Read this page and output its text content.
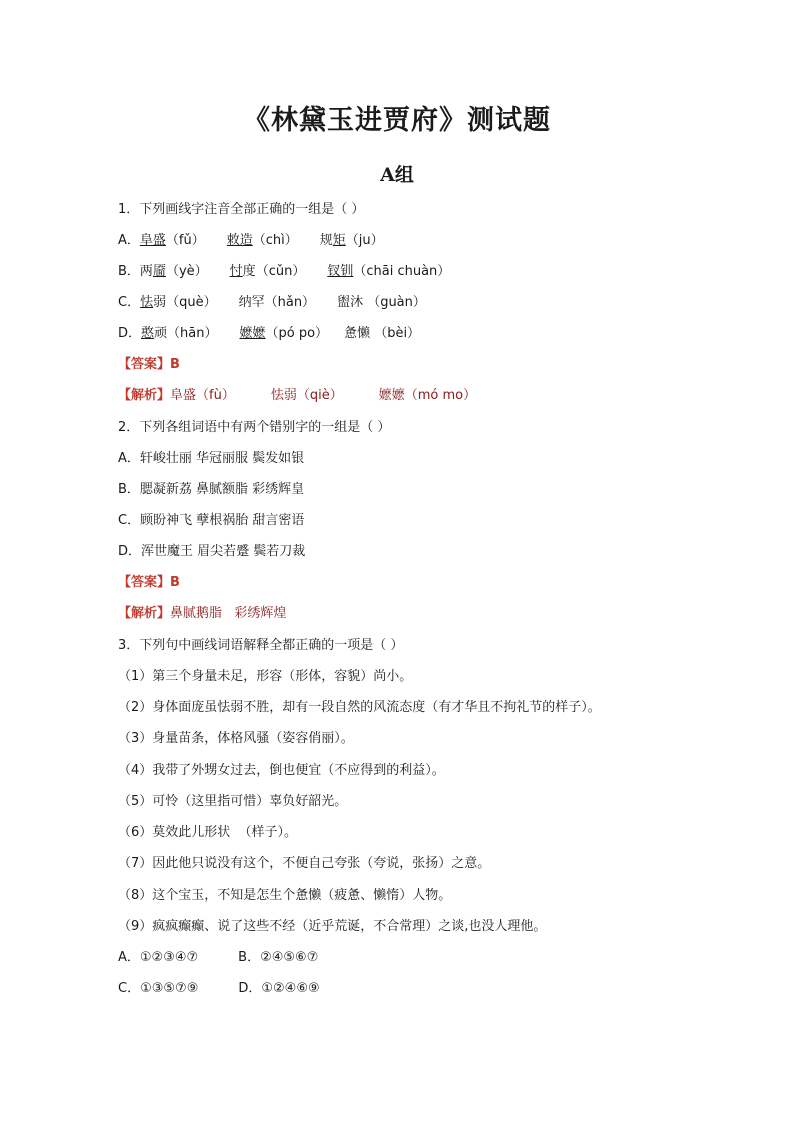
《林黛玉进贾府》测试题
A组
1．下列画线字注音全部正确的一组是（ ）
A．阜盛（fǔ） 敕造（chì） 规矩（ju）
B．两靥（yè） 忖度（cǔn） 钗钏（chāi chuàn）
C．怯弱（què） 纳罕（hǎn） 盥沐 （guàn）
D．憨顽（hān） 嬷嬷（pó po） 惫懒 （bèi）
【答案】B
【解析】阜盛（fù）	怯弱（qiè）	嬷嬷（mó mo）
2．下列各组词语中有两个错别字的一组是（ ）
A．轩峻壮丽 华冠丽服 鬓发如银
B．腮凝新荔 鼻腻额脂 彩绣辉皇
C．顾盼神飞 孽根祸胎 甜言密语
D．浑世魔王 眉尖若蹙 鬓若刀裁
【答案】B
【解析】鼻腻鹅脂   彩绣辉煌
3．下列句中画线词语解释全都正确的一项是（ ）
（1）第三个身量未足，形容（形体，容貌）尚小。
（2）身体面庞虽怯弱不胜，却有一段自然的风流态度（有才华且不拘礼节的样子）。
（3）身量苗条，体格风骚（姿容俏丽）。
（4）我带了外甥女过去，倒也便宜（不应得到的利益）。
（5）可怜（这里指可惜）辜负好韶光。
（6）莫效此儿形状  （样子）。
（7）因此他只说没有这个，不便自己夸张（夸说，张扬）之意。
（8）这个宝玉，不知是怎生个惫懒（疲惫、懒惰）人物。
（9）疯疯癫癫、说了这些不经（近乎荒诞，不合常理）之谈,也没人理他。
A．①②③④⑦	B．②④⑤⑥⑦
C．①③⑤⑦⑨	D．①②④⑥⑨
